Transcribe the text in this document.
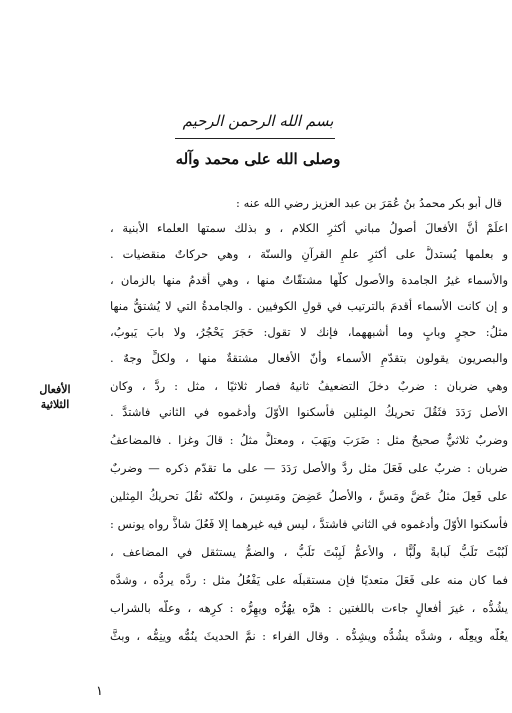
بسم الله الرحمن الرحيم
وصلى الله على محمد وآله
قال أبو بكر محمدُ بنُ عُمَرَ بن عبد العزيز رضي الله عنه :
اعلَمْ أنَّ الأفعالَ أصولُ مباني أكثرِ الكلام ، و بذلك سمتها العلماء الأبنية ،
و بعلمها يُستدلُّ على أكثرِ علمِ القرآنِ والسنّة ، وهي حركاتٌ منقضيات .
والأسماء غيرُ الجامدة والأصول كلّها مشتقّاتٌ منها ، وهي أقدمُ منها بالزمان ،
و إن كانت الأسماء أقدمَ بالترتيب في قولِ الكوفيين . والجامدةُ التي لا يُشتقُّ منها
مثلُ: حجرٍ وبابٍ وما أشبههما، فإنك لا تقول: حَجَرَ يَحْجُرُ، ولا بابَ يَبوبُ،
والبصريون يقولون بتقدّمِ الأسماء وأنّ الأفعال مشتقةٌ منها ، ولكلٍّ وجهٌ .
وهي ضربان : ضربٌ دخلَ التضعيفُ ثانيهُ فصار ثلاثيًا ، مثل : ردَّ ، وكان
الأصل رَدَدَ فثَقُلَ تحريكُ المِثلين فأسكنوا الأوّلَ وأدغموه في الثاني فاشتدَّ .
وضربٌ ثلاثيٌّ صحيحٌ مثل : ضَرَبَ ويَهَبَ ، ومعتلٌّ مثلُ : قالَ وغزا . فالمضاعفُ
ضربان : ضربٌ على فَعَلَ مثل ردَّ والأصل رَدَدَ — على ما تقدّم ذكره — وضربٌ
على فَعِلَ مثلُ عَضَّ ومَسَّ ، والأصلُ عَضِضَ ومَسِسَ ، ولكنّه ثقُلَ تحريكُ المِثلين
فأسكنوا الأوّلَ وأدغموه في الثاني فاشتدَّ ، ليس فيه غيرهما إلا فَعُلَ شاذٌّ رواه يونس :
لَبُبْتَ تَلَبُّ لَبابةً ولُبًّا ، والأعمُّ لَبِبْتَ تَلَبُّ ، والضمُّ يستثقل في المضاعف ،
فما كان منه على فَعَلَ متعديًا فإن مستقبلَه على يَفْعُلُ مثل : ردَّه يردُّه ، وشدَّه
يشُدُّه ، غيرَ أفعالٍ جاءت باللغتين : هرَّه يهُرُّه ويهِرُّه : كرِهه ، وعلَّه بالشراب
يعُلُّه ويعِلُّه ، وشدَّه يشُدُّه ويشِدُّه . وقال الفراء : نمَّ الحديثَ ينُمُّه وينِمُّه ، وبثَّ
الأفعال
الثلاثية
١
